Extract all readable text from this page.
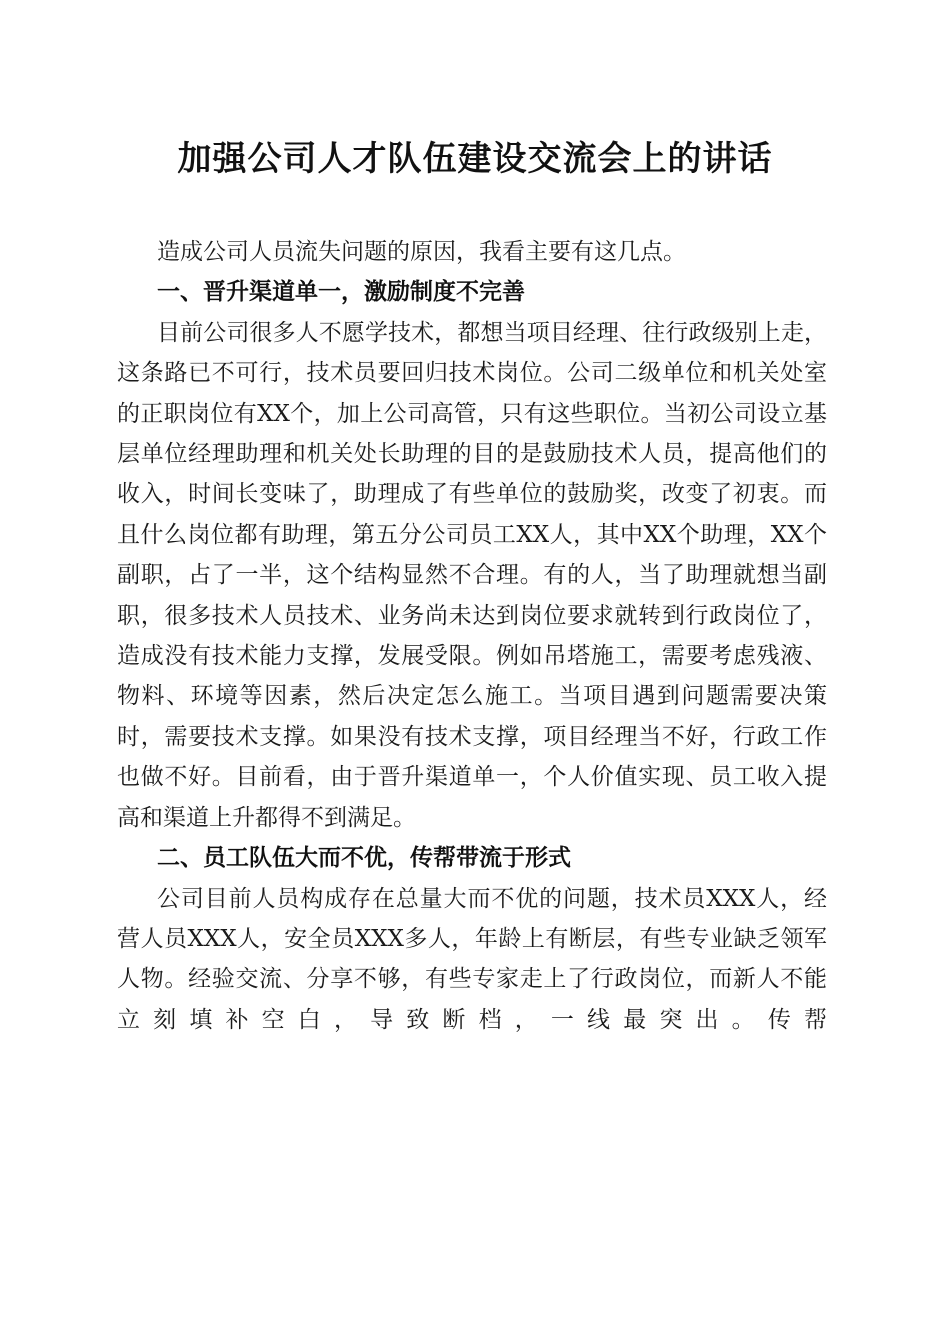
加强公司人才队伍建设交流会上的讲话

造成公司人员流失问题的原因，我看主要有这几点。

一、晋升渠道单一，激励制度不完善

目前公司很多人不愿学技术，都想当项目经理、往行政级别上走，这条路已不可行，技术员要回归技术岗位。公司二级单位和机关处室的正职岗位有XX个，加上公司高管，只有这些职位。当初公司设立基层单位经理助理和机关处长助理的目的是鼓励技术人员，提高他们的收入，时间长变味了，助理成了有些单位的鼓励奖，改变了初衷。而且什么岗位都有助理，第五分公司员工XX人，其中XX个助理，XX个副职，占了一半，这个结构显然不合理。有的人，当了助理就想当副职，很多技术人员技术、业务尚未达到岗位要求就转到行政岗位了，造成没有技术能力支撑，发展受限。例如吊塔施工，需要考虑残液、物料、环境等因素，然后决定怎么施工。当项目遇到问题需要决策时，需要技术支撑。如果没有技术支撑，项目经理当不好，行政工作也做不好。目前看，由于晋升渠道单一，个人价值实现、员工收入提高和渠道上升都得不到满足。

二、员工队伍大而不优，传帮带流于形式

公司目前人员构成存在总量大而不优的问题，技术员XXX人，经营人员XXX人，安全员XXX多人，年龄上有断层，有些专业缺乏领军人物。经验交流、分享不够，有些专家走上了行政岗位，而新人不能立刻填补空白，导致断档，一线最突出。传帮
